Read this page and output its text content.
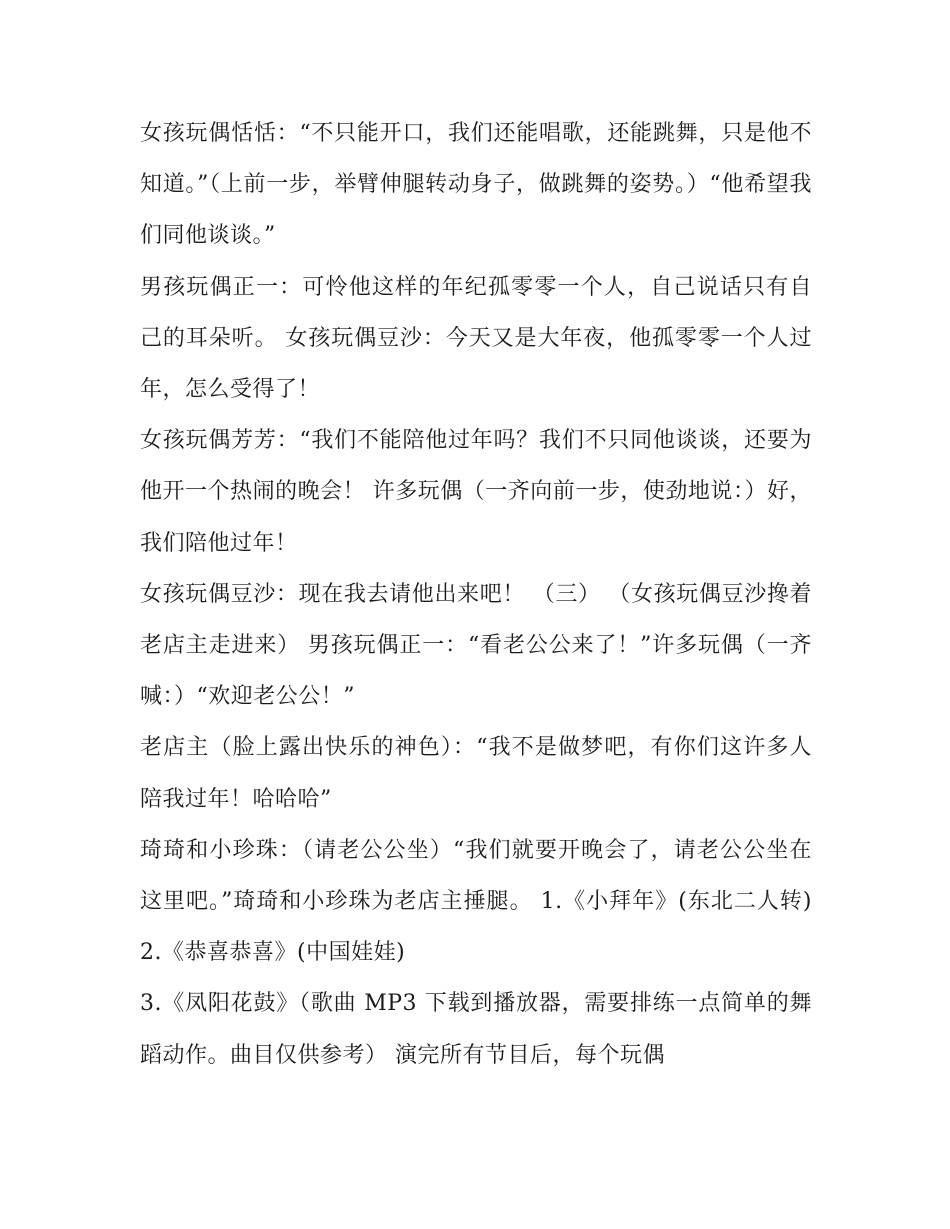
女孩玩偶恬恬：“不只能开口，我们还能唱歌，还能跳舞，只是他不知道。”（上前一步，举臂伸腿转动身子，做跳舞的姿势。）“他希望我们同他谈谈。”

男孩玩偶正一：可怜他这样的年纪孤零零一个人，自己说话只有自己的耳朵听。 女孩玩偶豆沙：今天又是大年夜，他孤零零一个人过年，怎么受得了！

女孩玩偶芳芳：“我们不能陪他过年吗？我们不只同他谈谈，还要为他开一个热闹的晚会！ 许多玩偶（一齐向前一步，使劲地说：）好，我们陪他过年！

女孩玩偶豆沙：现在我去请他出来吧！ （三） （女孩玩偶豆沙搀着老店主走进来） 男孩玩偶正一：“看老公公来了！”许多玩偶（一齐喊：）“欢迎老公公！”

老店主（脸上露出快乐的神色）：“我不是做梦吧，有你们这许多人陪我过年！哈哈哈”

琦琦和小珍珠：（请老公公坐）“我们就要开晚会了，请老公公坐在这里吧。”琦琦和小珍珠为老店主捶腿。 1.《小拜年》(东北二人转) 2.《恭喜恭喜》(中国娃娃)

3.《凤阳花鼓》（歌曲 MP3 下载到播放器，需要排练一点简单的舞蹈动作。曲目仅供参考） 演完所有节目后，每个玩偶
